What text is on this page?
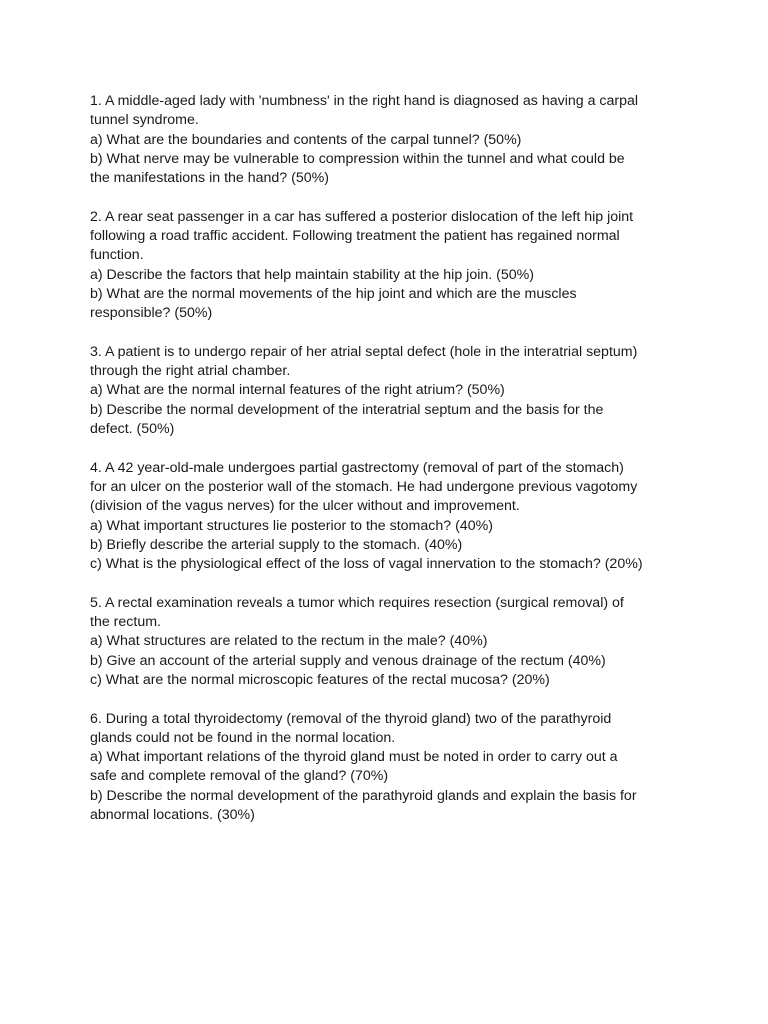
1. A middle-aged lady with 'numbness' in the right hand is diagnosed as having a carpal

tunnel syndrome.

a) What are the boundaries and contents of the carpal tunnel? (50%)

b) What nerve may be vulnerable to compression within the tunnel and what could be

the manifestations in the hand? (50%)

2. A rear seat passenger in a car has suffered a posterior dislocation of the left hip joint

following a road traffic accident. Following treatment the patient has regained normal

function.

a) Describe the factors that help maintain stability at the hip join. (50%)

b) What are the normal movements of the hip joint and which are the muscles

responsible? (50%)

3. A patient is to undergo repair of her atrial septal defect (hole in the interatrial septum)

through the right atrial chamber.

a) What are the normal internal features of the right atrium? (50%)

b) Describe the normal development of the interatrial septum and the basis for the

defect. (50%)

4. A 42 year-old-male undergoes partial gastrectomy (removal of part of the stomach)

for an ulcer on the posterior wall of the stomach. He had undergone previous vagotomy

(division of the vagus nerves) for the ulcer without and improvement.

a) What important structures lie posterior to the stomach? (40%)

b) Briefly describe the arterial supply to the stomach. (40%)

c) What is the physiological effect of the loss of vagal innervation to the stomach? (20%)

5. A rectal examination reveals a tumor which requires resection (surgical removal) of

the rectum.

a) What structures are related to the rectum in the male? (40%)

b) Give an account of the arterial supply and venous drainage of the rectum (40%)

c) What are the normal microscopic features of the rectal mucosa? (20%)

6. During a total thyroidectomy (removal of the thyroid gland) two of the parathyroid

glands could not be found in the normal location.

a) What important relations of the thyroid gland must be noted in order to carry out a

safe and complete removal of the gland? (70%)

b) Describe the normal development of the parathyroid glands and explain the basis for

abnormal locations. (30%)
